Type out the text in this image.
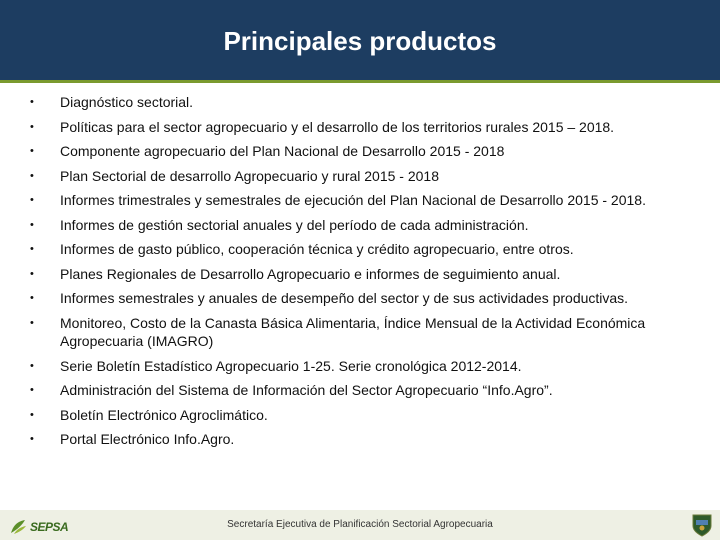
Principales productos
• Diagnóstico sectorial.
• Políticas para el sector agropecuario y el desarrollo de los territorios rurales 2015 – 2018.
• Componente agropecuario del Plan Nacional de Desarrollo 2015 - 2018
• Plan Sectorial de desarrollo Agropecuario y rural 2015 - 2018
• Informes trimestrales y semestrales de ejecución del Plan Nacional de Desarrollo 2015 - 2018.
• Informes de gestión sectorial anuales y del período de cada administración.
• Informes de gasto público, cooperación técnica y crédito agropecuario, entre otros.
• Planes Regionales de Desarrollo Agropecuario e informes de seguimiento anual.
• Informes semestrales y anuales de desempeño del sector y de sus actividades productivas.
• Monitoreo, Costo de la Canasta Básica Alimentaria, Índice Mensual de la Actividad Económica Agropecuaria (IMAGRO)
• Serie Boletín Estadístico Agropecuario 1-25. Serie cronológica 2012-2014.
• Administración del Sistema de Información del Sector Agropecuario “Info.Agro”.
• Boletín Electrónico Agroclimático.
• Portal Electrónico Info.Agro.
SEPSA	Secretaría Ejecutiva de Planificación Sectorial Agropecuaria
